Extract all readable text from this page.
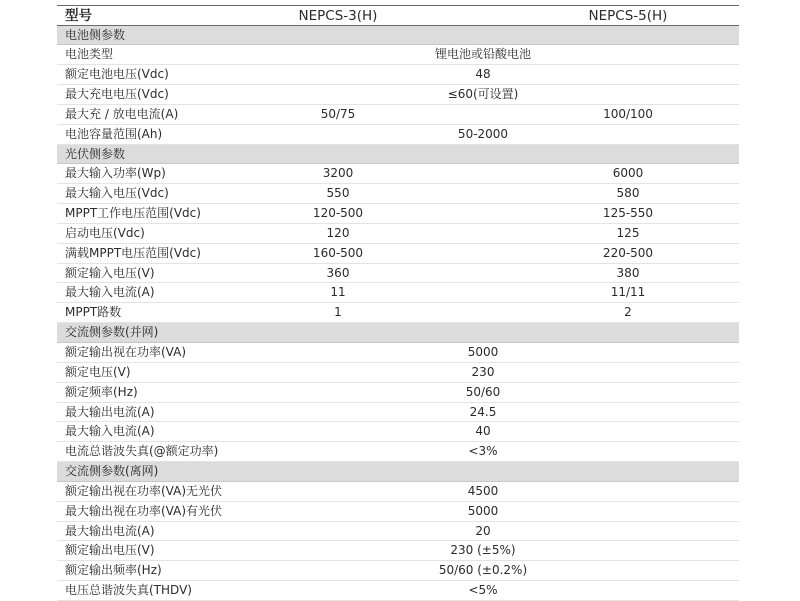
型号	NEPCS-3(H)	NEPCS-5(H)
电池侧参数
电池类型	锂电池或铅酸电池
额定电池电压(Vdc)	48
最大充电电压(Vdc)	≤60(可设置)
最大充 / 放电电流(A)	50/75	100/100
电池容量范围(Ah)	50-2000
光伏侧参数
最大输入功率(Wp)	3200	6000
最大输入电压(Vdc)	550	580
MPPT工作电压范围(Vdc)	120-500	125-550
启动电压(Vdc)	120	125
满载MPPT电压范围(Vdc)	160-500	220-500
额定输入电压(V)	360	380
最大输入电流(A)	11	11/11
MPPT路数	1	2
交流侧参数(并网)
额定输出视在功率(VA)	5000
额定电压(V)	230
额定频率(Hz)	50/60
最大输出电流(A)	24.5
最大输入电流(A)	40
电流总谐波失真(@额定功率)	<3%
交流侧参数(离网)
额定输出视在功率(VA)无光伏	4500
最大输出视在功率(VA)有光伏	5000
最大输出电流(A)	20
额定输出电压(V)	230 (±5%)
额定输出频率(Hz)	50/60 (±0.2%)
电压总谐波失真(THDV)	<5%
